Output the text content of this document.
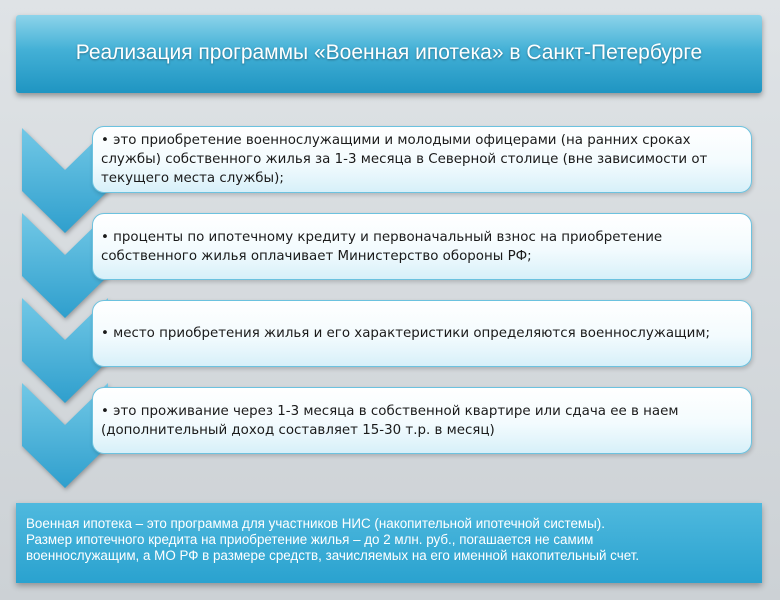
Реализация программы «Военная ипотека» в Санкт-Петербурге
• это приобретение военнослужащими и молодыми офицерами (на ранних сроках
службы) собственного жилья за 1-3 месяца в Северной столице (вне зависимости от
текущего места службы);
• проценты по ипотечному кредиту и первоначальный взнос на приобретение
собственного жилья оплачивает Министерство обороны РФ;
• место приобретения жилья и его характеристики определяются военнослужащим;
• это проживание через 1-3 месяца в собственной квартире или сдача ее в наем
(дополнительный доход составляет 15-30 т.р. в месяц)
Военная ипотека – это программа для участников НИС (накопительной ипотечной системы).
Размер ипотечного кредита на приобретение жилья – до 2 млн. руб., погашается не самим
военнослужащим, а МО РФ в размере средств, зачисляемых на его именной накопительный счет.
